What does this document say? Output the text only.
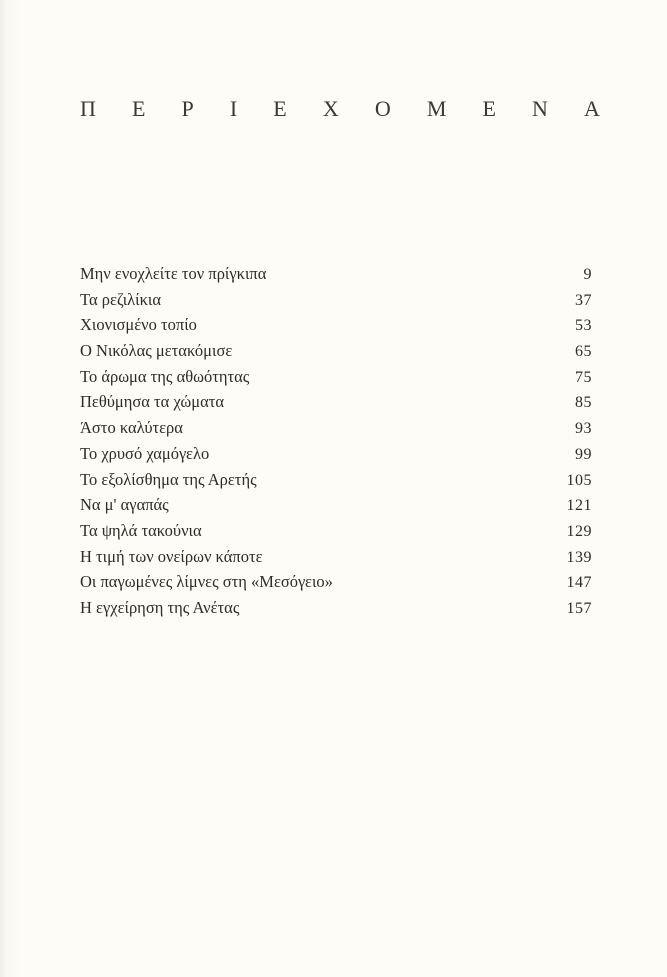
Π Ε Ρ Ι Ε Χ Ο Μ Ε Ν Α
Μην ενοχλείτε τον πρίγκιπα	9
Τα ρεζιλίκια	37
Χιονισμένο τοπίο	53
Ο Νικόλας μετακόμισε	65
Το άρωμα της αθωότητας	75
Πεθύμησα τα χώματα	85
Άστο καλύτερα	93
Το χρυσό χαμόγελο	99
Το εξολίσθημα της Αρετής	105
Να μ' αγαπάς	121
Τα ψηλά τακούνια	129
Η τιμή των ονείρων κάποτε	139
Οι παγωμένες λίμνες στη «Μεσόγειο»	147
Η εγχείρηση της Ανέτας	157
